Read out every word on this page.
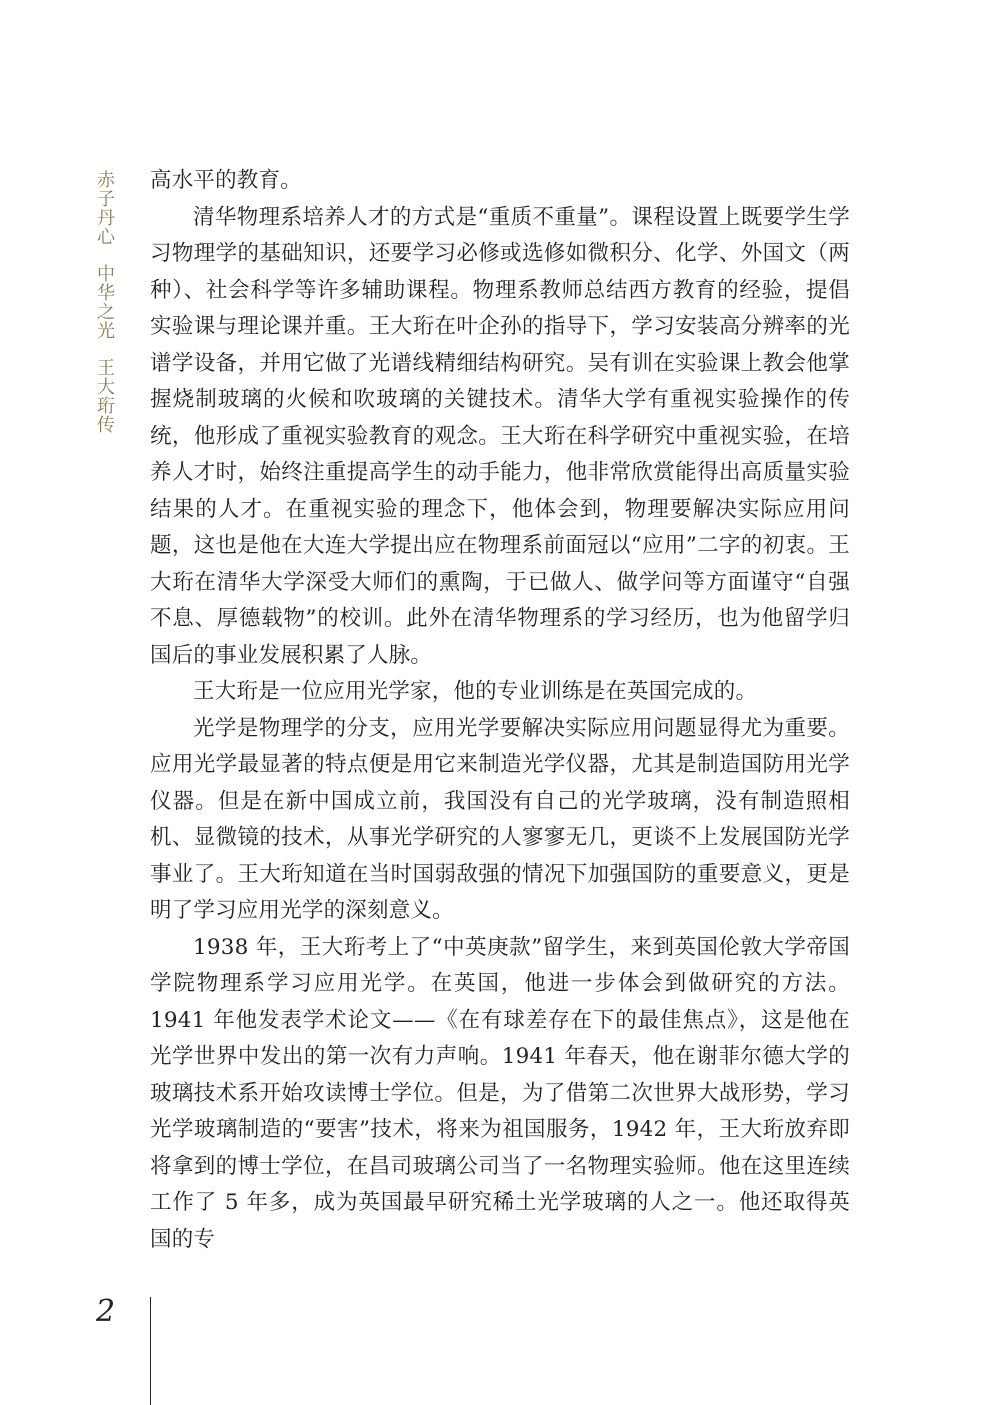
赤子丹心中华之光王大珩传

高水平的教育。

清华物理系培养人才的方式是“重质不重量”。课程设置上既要学生学习物理学的基础知识，还要学习必修或选修如微积分、化学、外国文（两种）、社会科学等许多辅助课程。物理系教师总结西方教育的经验，提倡实验课与理论课并重。王大珩在叶企孙的指导下，学习安装高分辨率的光谱学设备，并用它做了光谱线精细结构研究。吴有训在实验课上教会他掌握烧制玻璃的火候和吹玻璃的关键技术。清华大学有重视实验操作的传统，他形成了重视实验教育的观念。王大珩在科学研究中重视实验，在培养人才时，始终注重提高学生的动手能力，他非常欣赏能得出高质量实验结果的人才。在重视实验的理念下，他体会到，物理要解决实际应用问题，这也是他在大连大学提出应在物理系前面冠以“应用”二字的初衷。王大珩在清华大学深受大师们的熏陶，于已做人、做学问等方面谨守“自强不息、厚德载物”的校训。此外在清华物理系的学习经历，也为他留学归国后的事业发展积累了人脉。

王大珩是一位应用光学家，他的专业训练是在英国完成的。

光学是物理学的分支，应用光学要解决实际应用问题显得尤为重要。应用光学最显著的特点便是用它来制造光学仪器，尤其是制造国防用光学仪器。但是在新中国成立前，我国没有自己的光学玻璃，没有制造照相机、显微镜的技术，从事光学研究的人寥寥无几，更谈不上发展国防光学事业了。王大珩知道在当时国弱敌强的情况下加强国防的重要意义，更是明了学习应用光学的深刻意义。

1938 年，王大珩考上了“中英庚款”留学生，来到英国伦敦大学帝国学院物理系学习应用光学。在英国，他进一步体会到做研究的方法。1941 年他发表学术论文——《在有球差存在下的最佳焦点》，这是他在光学世界中发出的第一次有力声响。1941 年春天，他在谢菲尔德大学的玻璃技术系开始攻读博士学位。但是，为了借第二次世界大战形势，学习光学玻璃制造的“要害”技术，将来为祖国服务，1942 年，王大珩放弃即将拿到的博士学位，在昌司玻璃公司当了一名物理实验师。他在这里连续工作了 5 年多，成为英国最早研究稀土光学玻璃的人之一。他还取得英国的专

2
